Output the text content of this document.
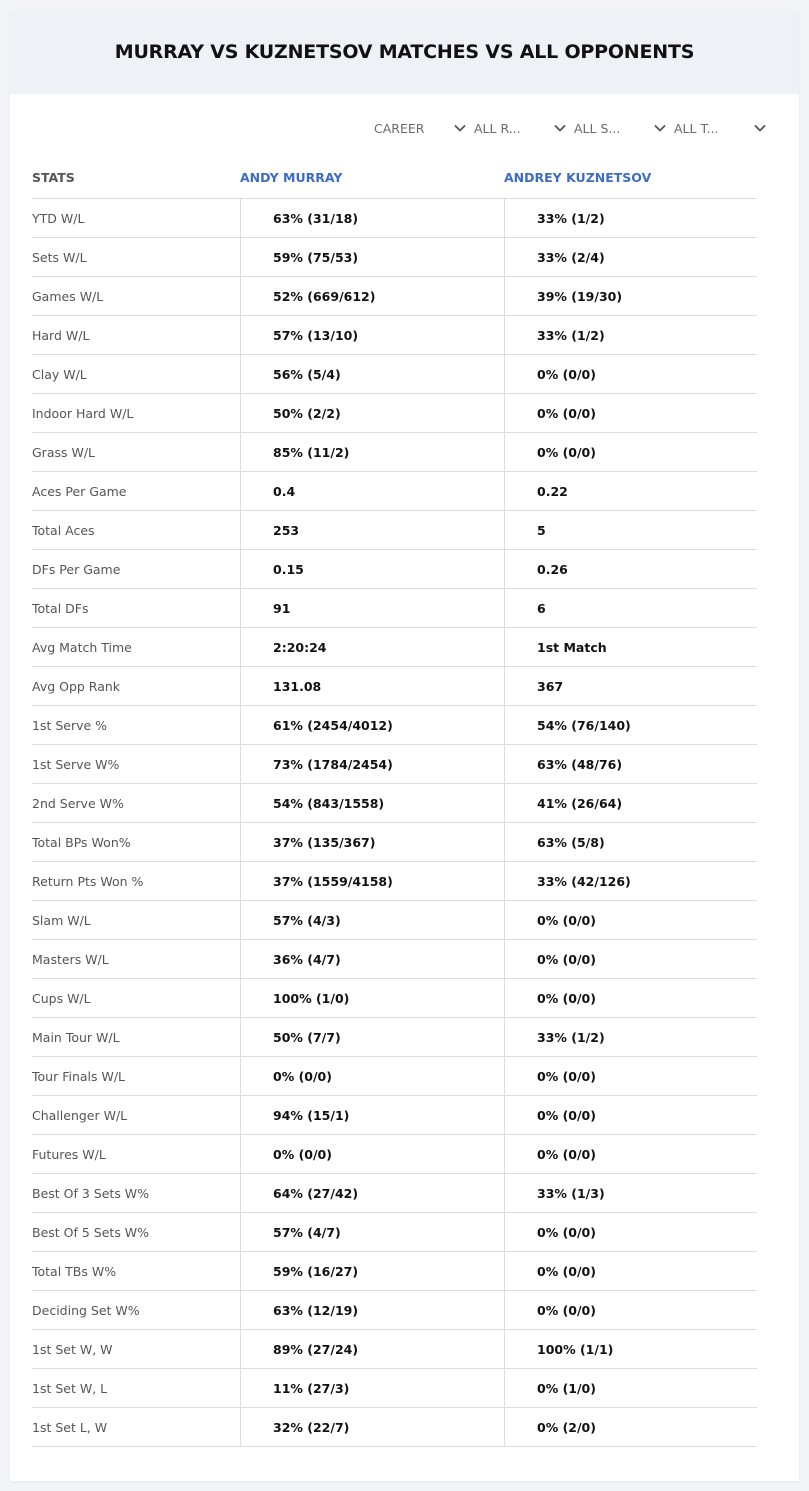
MURRAY VS KUZNETSOV MATCHES VS ALL OPPONENTS
CAREER	ALL R...	ALL S...	ALL T...
STATS	ANDY MURRAY	ANDREY KUZNETSOV
YTD W/L	63% (31/18)	33% (1/2)
Sets W/L	59% (75/53)	33% (2/4)
Games W/L	52% (669/612)	39% (19/30)
Hard W/L	57% (13/10)	33% (1/2)
Clay W/L	56% (5/4)	0% (0/0)
Indoor Hard W/L	50% (2/2)	0% (0/0)
Grass W/L	85% (11/2)	0% (0/0)
Aces Per Game	0.4	0.22
Total Aces	253	5
DFs Per Game	0.15	0.26
Total DFs	91	6
Avg Match Time	2:20:24	1st Match
Avg Opp Rank	131.08	367
1st Serve %	61% (2454/4012)	54% (76/140)
1st Serve W%	73% (1784/2454)	63% (48/76)
2nd Serve W%	54% (843/1558)	41% (26/64)
Total BPs Won%	37% (135/367)	63% (5/8)
Return Pts Won %	37% (1559/4158)	33% (42/126)
Slam W/L	57% (4/3)	0% (0/0)
Masters W/L	36% (4/7)	0% (0/0)
Cups W/L	100% (1/0)	0% (0/0)
Main Tour W/L	50% (7/7)	33% (1/2)
Tour Finals W/L	0% (0/0)	0% (0/0)
Challenger W/L	94% (15/1)	0% (0/0)
Futures W/L	0% (0/0)	0% (0/0)
Best Of 3 Sets W%	64% (27/42)	33% (1/3)
Best Of 5 Sets W%	57% (4/7)	0% (0/0)
Total TBs W%	59% (16/27)	0% (0/0)
Deciding Set W%	63% (12/19)	0% (0/0)
1st Set W, W	89% (27/24)	100% (1/1)
1st Set W, L	11% (27/3)	0% (1/0)
1st Set L, W	32% (22/7)	0% (2/0)
